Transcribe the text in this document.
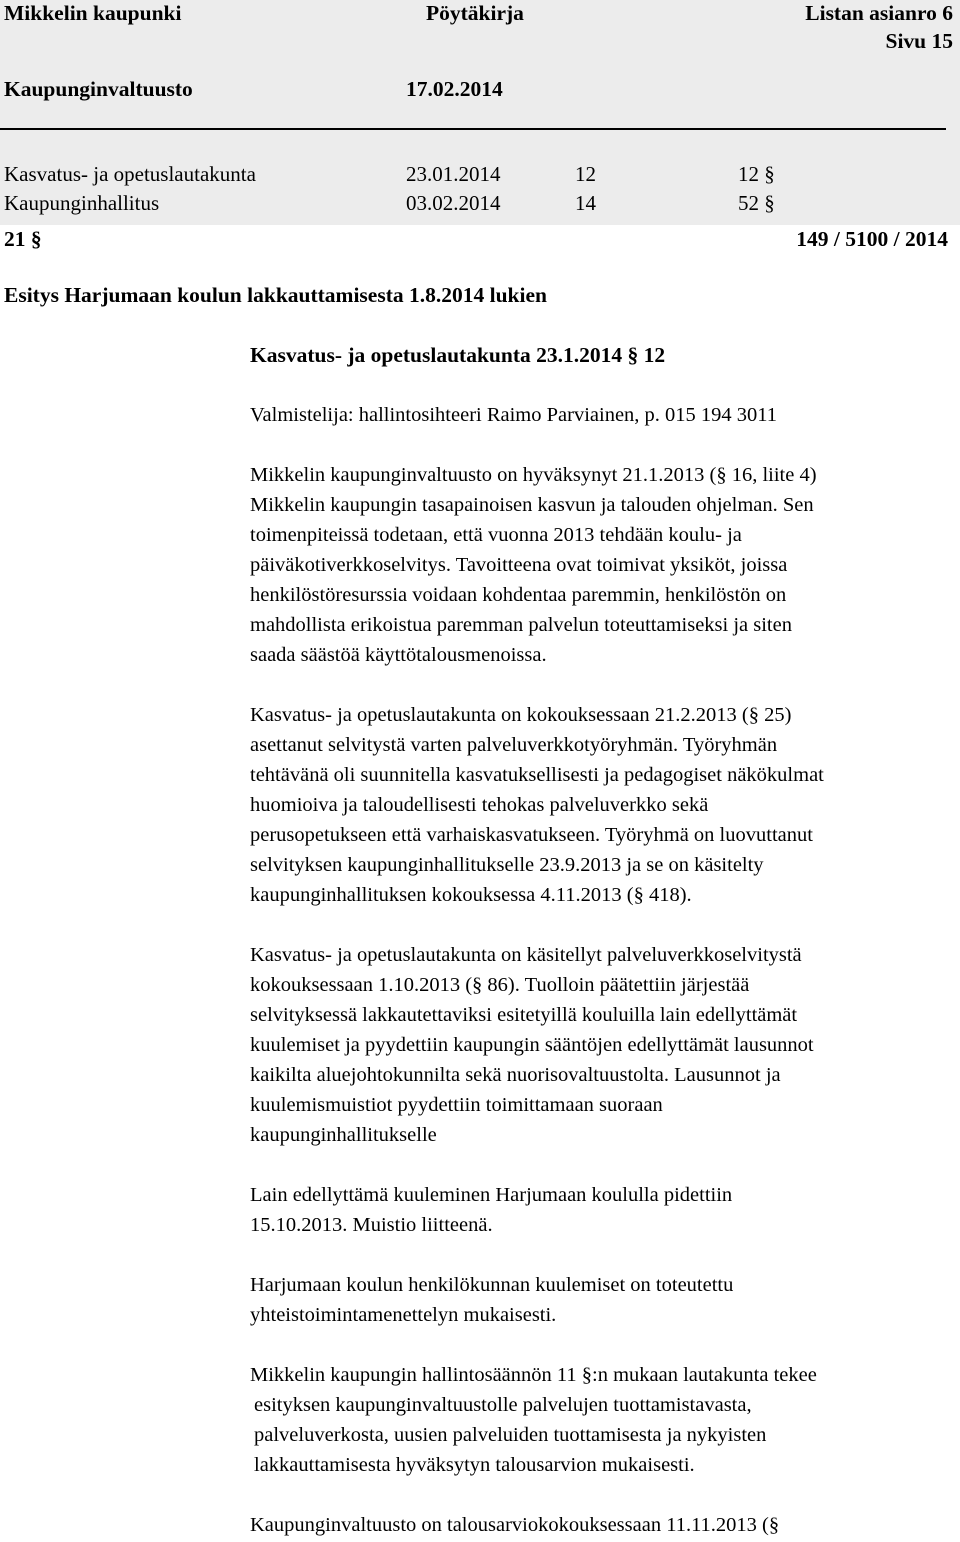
Mikkelin kaupunki	Pöytäkirja	Listan asianro 6
Sivu 15
Kaupunginvaltuusto	17.02.2014
Kasvatus- ja opetuslautakunta	23.01.2014	12	12 §
Kaupunginhallitus	03.02.2014	14	52 §
21 §	149 / 5100 / 2014
Esitys Harjumaan koulun lakkauttamisesta 1.8.2014 lukien
Kasvatus- ja opetuslautakunta 23.1.2014 § 12
Valmistelija: hallintosihteeri Raimo Parviainen, p. 015 194 3011
Mikkelin kaupunginvaltuusto on hyväksynyt 21.1.2013 (§ 16, liite 4)
Mikkelin kaupungin tasapainoisen kasvun ja talouden ohjelman. Sen
toimenpiteissä todetaan, että vuonna 2013 tehdään koulu- ja
päiväkotiverkkoselvitys. Tavoitteena ovat toimivat yksiköt, joissa
henkilöstöresurssia voidaan kohdentaa paremmin, henkilöstön on
mahdollista erikoistua paremman palvelun toteuttamiseksi ja siten
saada säästöä käyttötalousmenoissa.
Kasvatus- ja opetuslautakunta on kokouksessaan 21.2.2013 (§ 25)
asettanut selvitystä varten palveluverkkotyöryhmän. Työryhmän
tehtävänä oli suunnitella kasvatuksellisesti ja pedagogiset näkökulmat
huomioiva ja taloudellisesti tehokas palveluverkko sekä
perusopetukseen että varhaiskasvatukseen. Työryhmä on luovuttanut
selvityksen kaupunginhallitukselle 23.9.2013 ja se on käsitelty
kaupunginhallituksen kokouksessa 4.11.2013 (§ 418).
Kasvatus- ja opetuslautakunta on käsitellyt palveluverkkoselvitystä
kokouksessaan 1.10.2013 (§ 86). Tuolloin päätettiin järjestää
selvityksessä lakkautettaviksi esitetyillä kouluilla lain edellyttämät
kuulemiset ja pyydettiin kaupungin sääntöjen edellyttämät lausunnot
kaikilta aluejohtokunnilta sekä nuorisovaltuustolta. Lausunnot ja
kuulemismuistiot pyydettiin toimittamaan suoraan
kaupunginhallitukselle
Lain edellyttämä kuuleminen Harjumaan koululla pidettiin
15.10.2013. Muistio liitteenä.
Harjumaan koulun henkilökunnan kuulemiset on toteutettu
yhteistoimintamenettelyn mukaisesti.
Mikkelin kaupungin hallintosäännön 11 §:n mukaan lautakunta tekee
esityksen kaupunginvaltuustolle palvelujen tuottamistavasta,
palveluverkosta, uusien palveluiden tuottamisesta ja nykyisten
lakkauttamisesta hyväksytyn talousarvion mukaisesti.
Kaupunginvaltuusto on talousarviokokouksessaan 11.11.2013 (§
